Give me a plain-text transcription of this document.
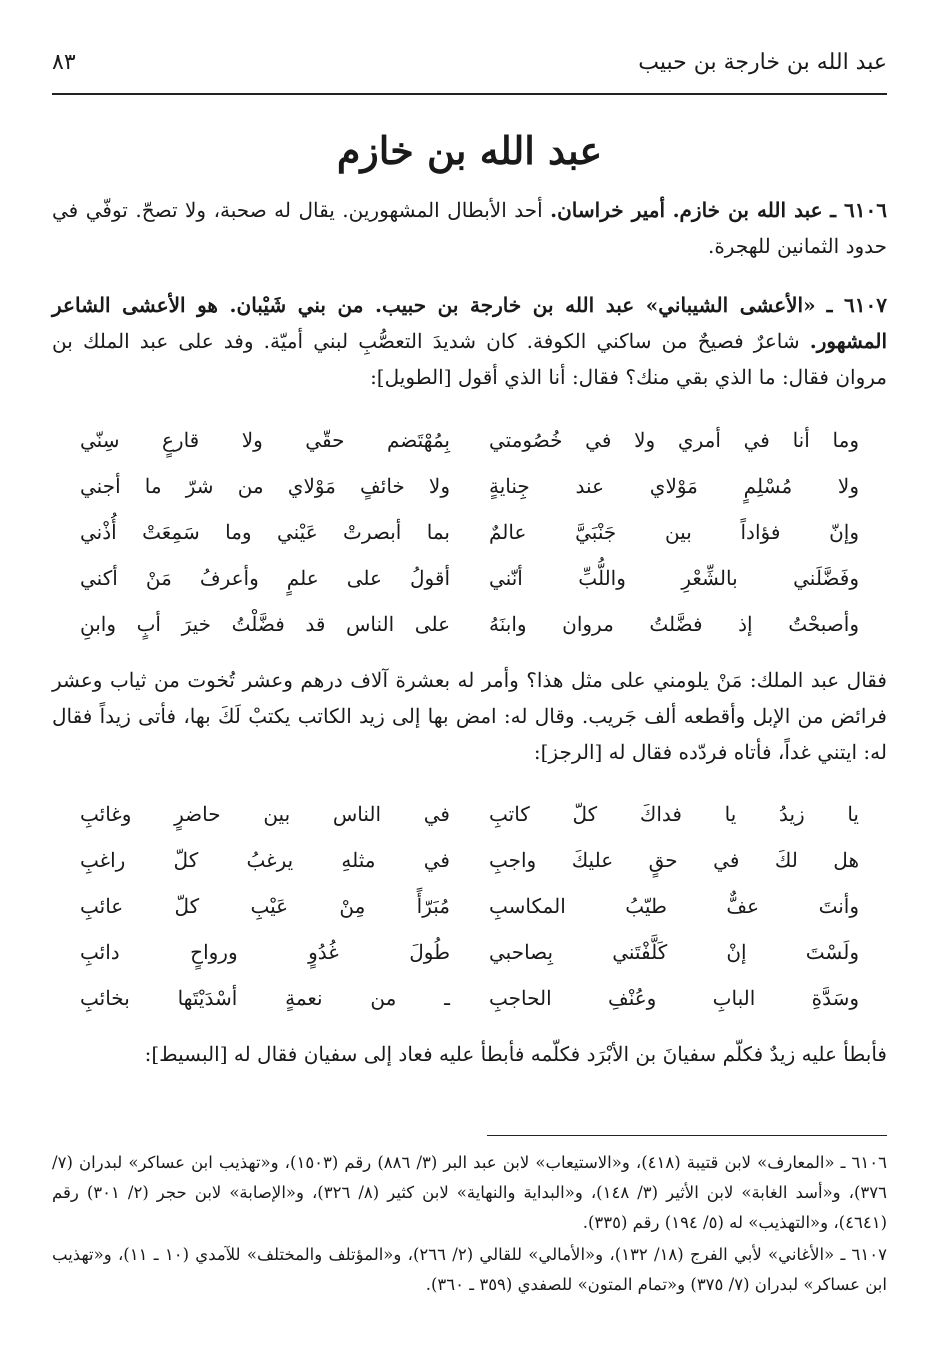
عبد الله بن خارجة بن حبيب
٨٣
عبد الله بن خازم
٦١٠٦ ـ عبد الله بن خازم. أمير خراسان. أحد الأبطال المشهورين. يقال له صحبة، ولا تصحّ. توفّي في حدود الثمانين للهجرة.
٦١٠٧ ـ «الأعشى الشيباني» عبد الله بن خارجة بن حبيب. من بني شَيْبان. هو الأعشى الشاعر المشهور. شاعرٌ فصيحٌ من ساكني الكوفة. كان شديدَ التعصُّبِ لبني أميّة. وفد على عبد الملك بن مروان فقال: ما الذي بقي منك؟ فقال: أنا الذي أقول [الطويل]:
وما أنا في أمري ولا في خُصُومتي
بِمُهْتَضم حقّي ولا قارعٍ سِنّي
ولا مُسْلِمٍ مَوْلاي عند جِنايةٍ
ولا خائفٍ مَوْلاي من شرّ ما أجني
وإنّ فؤاداً بين جَنْبَيَّ عالمٌ
بما أبصرتْ عَيْني وما سَمِعَتْ أُذْني
وفَضَّلَني بالشِّعْرِ واللُّبِّ أنّني
أقولُ على علمٍ وأعرفُ مَنْ أكني
وأصبحْتُ إذ فضَّلتُ مروان وابنَهُ
على الناس قد فضَّلْتُ خيرَ أبٍ وابنِ
فقال عبد الملك: مَنْ يلومني على مثل هذا؟ وأمر له بعشرة آلاف درهم وعشر تُخوت من ثياب وعشر فرائض من الإبل وأقطعه ألف جَريب. وقال له: امض بها إلى زيد الكاتب يكتبْ لَكَ بها، فأتى زيداً فقال له: ايتني غداً، فأتاه فردّده فقال له [الرجز]:
يا زيدُ يا فداكَ كلّ كاتبِ
في الناس بين حاضرٍ وغائبِ
هل لكَ في حقٍ عليكَ واجبِ
في مثلهِ يرغبُ كلّ راغبِ
وأنتَ عفٌّ طيّبُ المكاسبِ
مُبَرّأً مِنْ عَيْبِ كلّ عائبِ
ولَسْتَ إنْ كَلَّفْتَني بِصاحبي
طُولَ غُدُوٍ ورواحٍ دائبِ
وسَدَّةِ البابِ وعُنْفِ الحاجبِ
ـ من نعمةٍ أسْدَيْتَها بخائبِ
فأبطأ عليه زيدٌ فكلّم سفيانَ بن الأبْرَد فكلّمه فأبطأ عليه فعاد إلى سفيان فقال له [البسيط]:

٦١٠٦ ـ «المعارف» لابن قتيبة (٤١٨)، و«الاستيعاب» لابن عبد البر (٣/ ٨٨٦) رقم (١٥٠٣)، و«تهذيب ابن عساكر» لبدران (٧/ ٣٧٦)، و«أسد الغابة» لابن الأثير (٣/ ١٤٨)، و«البداية والنهاية» لابن كثير (٨/ ٣٢٦)، و«الإصابة» لابن حجر (٢/ ٣٠١) رقم (٤٦٤١)، و«التهذيب» له (٥/ ١٩٤) رقم (٣٣٥).

٦١٠٧ ـ «الأغاني» لأبي الفرج (١٨/ ١٣٢)، و«الأمالي» للقالي (٢/ ٢٦٦)، و«المؤتلف والمختلف» للآمدي (١٠ ـ ١١)، و«تهذيب ابن عساكر» لبدران (٧/ ٣٧٥) و«تمام المتون» للصفدي (٣٥٩ ـ ٣٦٠).
